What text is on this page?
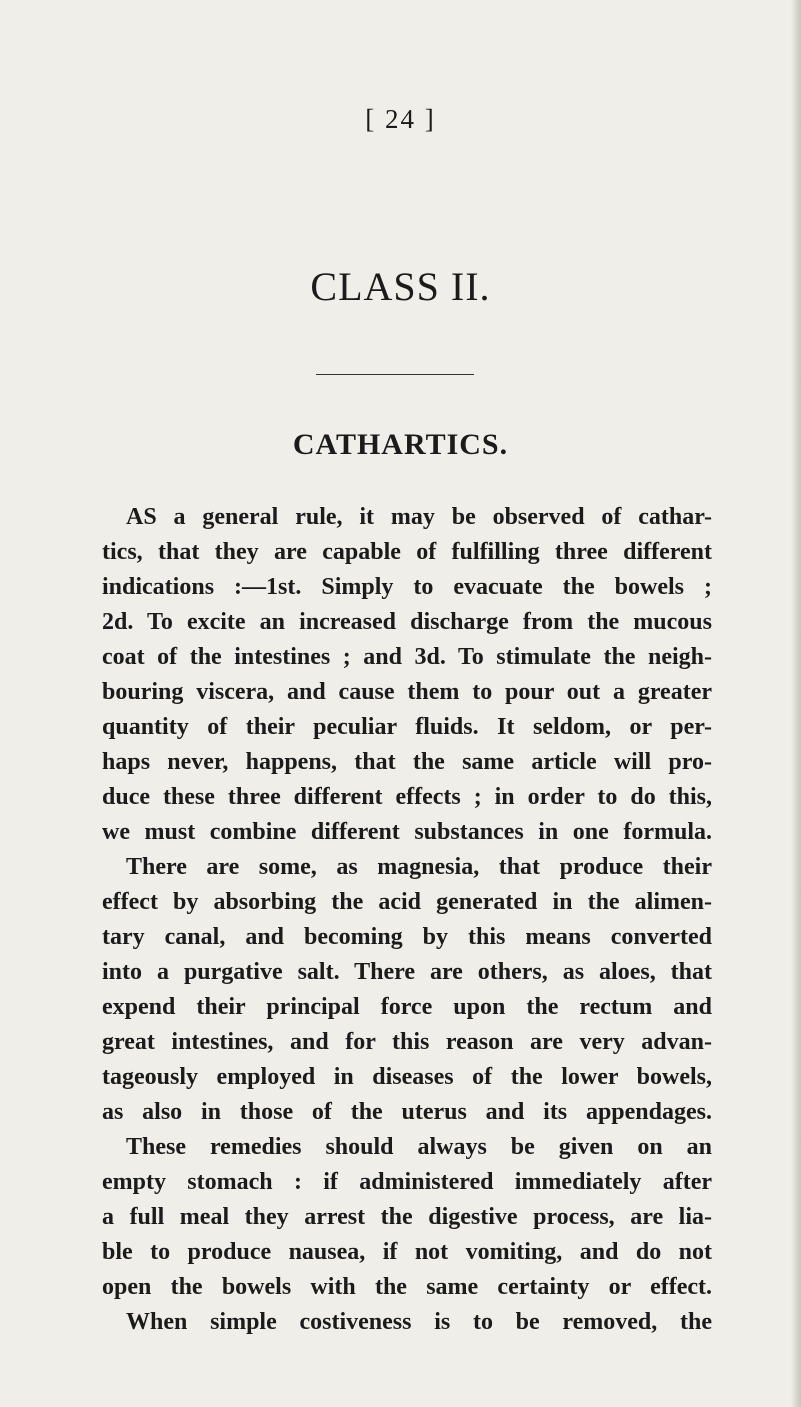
[ 24 ]
CLASS II.
CATHARTICS.
AS a general rule, it may be observed of cathar-
tics, that they are capable of fulfilling three different
indications :—1st. Simply to evacuate the bowels ;
2d. To excite an increased discharge from the mucous
coat of the intestines ; and 3d. To stimulate the neigh-
bouring viscera, and cause them to pour out a greater
quantity of their peculiar fluids. It seldom, or per-
haps never, happens, that the same article will pro-
duce these three different effects ; in order to do this,
we must combine different substances in one formula.
There are some, as magnesia, that produce their
effect by absorbing the acid generated in the alimen-
tary canal, and becoming by this means converted
into a purgative salt. There are others, as aloes, that
expend their principal force upon the rectum and
great intestines, and for this reason are very advan-
tageously employed in diseases of the lower bowels,
as also in those of the uterus and its appendages.
These remedies should always be given on an
empty stomach : if administered immediately after
a full meal they arrest the digestive process, are lia-
ble to produce nausea, if not vomiting, and do not
open the bowels with the same certainty or effect.
When simple costiveness is to be removed, the
